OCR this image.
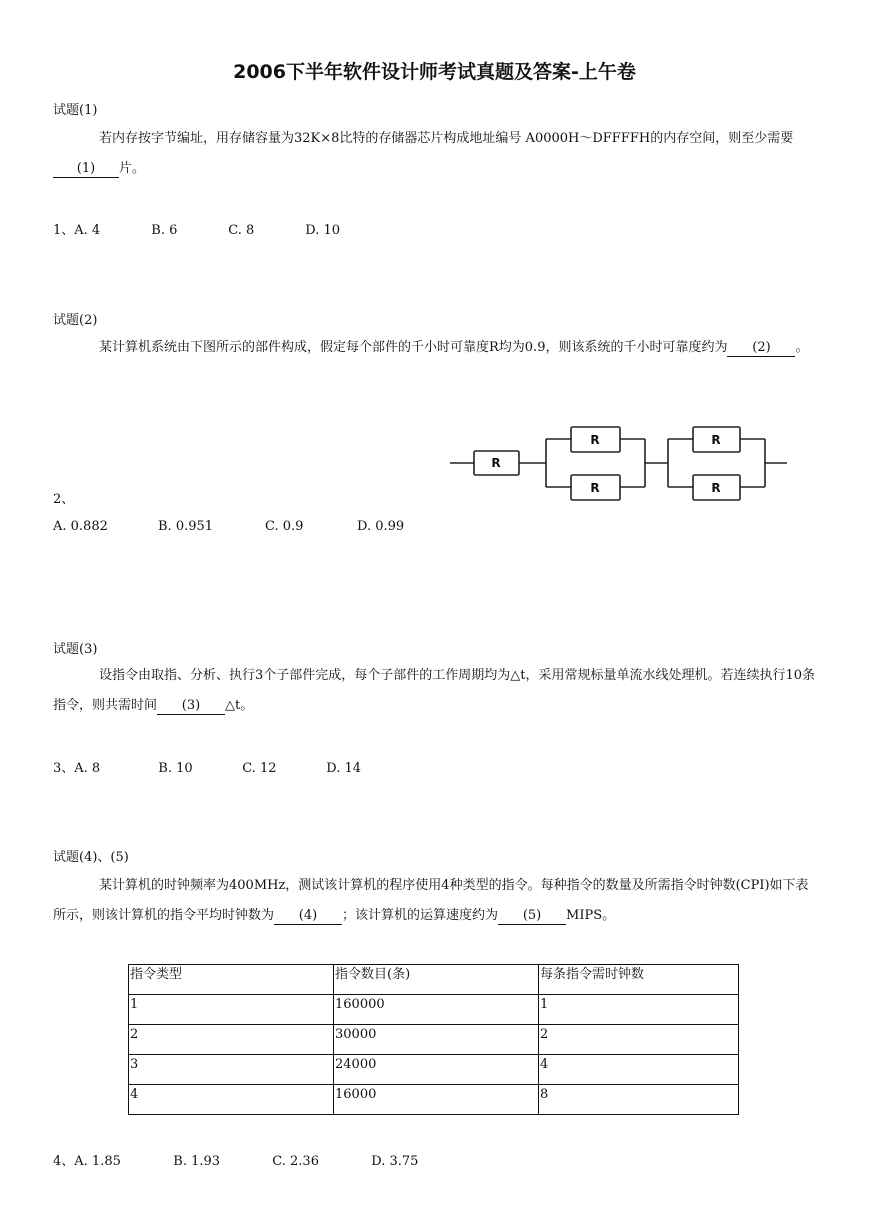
2006下半年软件设计师考试真题及答案-上午卷
试题(1)
若内存按字节编址，用存储容量为32K×8比特的存储器芯片构成地址编号 A0000H～DFFFFH的内存空间，则至少需要(1) 片。
1、A. 4	B. 6	C. 8	D. 10
试题(2)
某计算机系统由下图所示的部件构成，假定每个部件的千小时可靠度R均为0.9，则该系统的千小时可靠度约为 (2) 。
R
R
R
R
R
2、
A. 0.882	B. 0.951	C. 0.9	D. 0.99
试题(3)
设指令由取指、分析、执行3个子部件完成，每个子部件的工作周期均为△t，采用常规标量单流水线处理机。若连续执行10条指令，则共需时间 (3) △t。
3、A. 8	B. 10	C. 12	D. 14
试题(4)、(5)
某计算机的时钟频率为400MHz，测试该计算机的程序使用4种类型的指令。每种指令的数量及所需指令时钟数(CPI)如下表所示，则该计算机的指令平均时钟数为 (4) ；该计算机的运算速度约为 (5) MIPS。
指令类型	指令数目(条)	每条指令需时钟数
1	160000	1
2	30000	2
3	24000	4
4	16000	8
4、A. 1.85	B. 1.93	C. 2.36	D. 3.75
